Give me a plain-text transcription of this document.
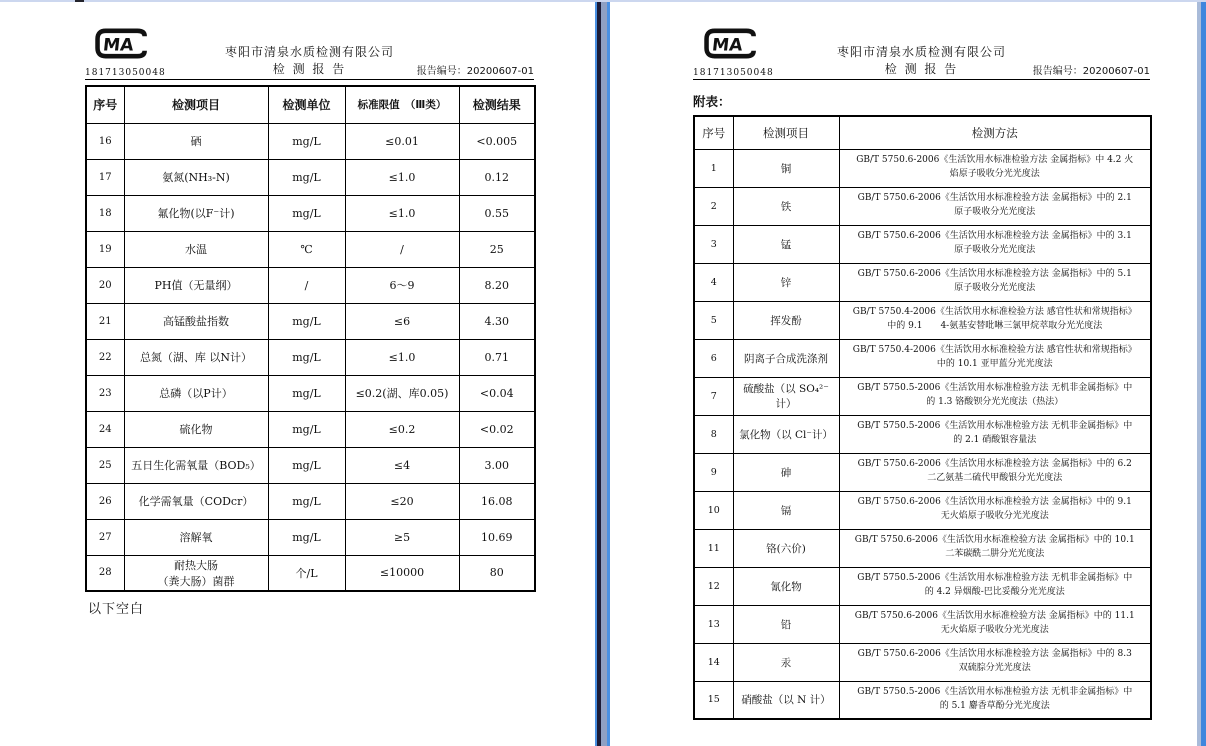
MA	枣阳市清泉水质检测有限公司
181713050048	检 测 报 告	报告编号：20200607-01
序号	检测项目	检测单位	标准限值　（Ⅲ类）	检测结果
16	硒	mg/L	≤0.01	<0.005
17	氨氮(NH₃-N)	mg/L	≤1.0	0.12
18	氟化物(以F⁻计)	mg/L	≤1.0	0.55
19	水温	℃	/	25
20	PH值（无量纲）	/	6～9	8.20
21	高锰酸盐指数	mg/L	≤6	4.30
22	总氮（湖、库 以N计）	mg/L	≤1.0	0.71
23	总磷（以P计）	mg/L	≤0.2(湖、库0.05)	<0.04
24	硫化物	mg/L	≤0.2	<0.02
25	五日生化需氧量（BOD₅）	mg/L	≤4	3.00
26	化学需氧量（CODcr）	mg/L	≤20	16.08
27	溶解氧	mg/L	≥5	10.69
28	耐热大肠
（粪大肠）菌群	个/L	≤10000	80
以下空白
MA	枣阳市清泉水质检测有限公司
181713050048	检 测 报 告	报告编号：20200607-01
附表：
序号	检测项目	检测方法
1	铜	GB/T 5750.6-2006《生活饮用水标准检验方法 金属指标》中 4.2 火
焰原子吸收分光光度法
2	铁	GB/T 5750.6-2006《生活饮用水标准检验方法 金属指标》中的 2.1
原子吸收分光光度法
3	锰	GB/T 5750.6-2006《生活饮用水标准检验方法 金属指标》中的 3.1
原子吸收分光光度法
4	锌	GB/T 5750.6-2006《生活饮用水标准检验方法 金属指标》中的 5.1
原子吸收分光光度法
5	挥发酚	GB/T 5750.4-2006《生活饮用水标准检验方法 感官性状和常规指标》
中的 9.1　　4-氨基安替吡啉三氯甲烷萃取分光光度法
6	阴离子合成洗涤剂	GB/T 5750.4-2006《生活饮用水标准检验方法 感官性状和常规指标》
中的 10.1 亚甲蓝分光光度法
7	硫酸盐（以 SO₄²⁻ 计）	GB/T 5750.5-2006《生活饮用水标准检验方法 无机非金属指标》中
的 1.3 铬酸钡分光光度法（热法）
8	氯化物（以 Cl⁻计）	GB/T 5750.5-2006《生活饮用水标准检验方法 无机非金属指标》中
的 2.1 硝酸银容量法
9	砷	GB/T 5750.6-2006《生活饮用水标准检验方法 金属指标》中的 6.2
二乙氨基二硫代甲酸银分光光度法
10	镉	GB/T 5750.6-2006《生活饮用水标准检验方法 金属指标》中的 9.1
无火焰原子吸收分光光度法
11	铬(六价)	GB/T 5750.6-2006《生活饮用水标准检验方法 金属指标》中的 10.1
二苯碳酰二肼分光光度法
12	氰化物	GB/T 5750.5-2006《生活饮用水标准检验方法 无机非金属指标》中
的 4.2 异烟酸-巴比妥酸分光光度法
13	铅	GB/T 5750.6-2006《生活饮用水标准检验方法 金属指标》中的 11.1
无火焰原子吸收分光光度法
14	汞	GB/T 5750.6-2006《生活饮用水标准检验方法 金属指标》中的 8.3
双硫腙分光光度法
15	硝酸盐（以 N 计）	GB/T 5750.5-2006《生活饮用水标准检验方法 无机非金属指标》中
的 5.1 麝香草酚分光光度法
